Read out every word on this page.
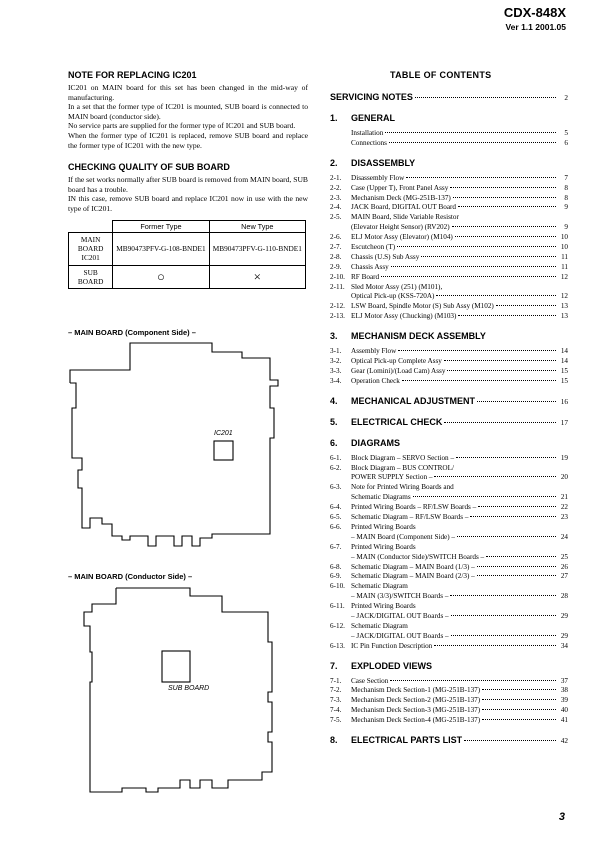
CDX-848X
Ver 1.1 2001.05
NOTE FOR REPLACING IC201

IC201 on MAIN board for this set has been changed in the mid-way of manufacturing.

In a set that the former type of IC201 is mounted, SUB board is connected to MAIN board (conductor side).

No service parts are supplied for the former type of IC201 and SUB board.

When the former type of IC201 is replaced, remove SUB board and replace the former type of IC201 with the new type.

CHECKING QUALITY OF SUB BOARD

If the set works normally after SUB board is removed from MAIN board, SUB board has a trouble.

IN this case, remove SUB board and replace IC201 now in use with the new type of IC201.

	Former Type	New Type
MAIN BOARD IC201	MB90473PFV-G-108-BNDE1	MB90473PFV-G-110-BNDE1
SUB BOARD	○	×
– MAIN BOARD (Component Side) –
IC201
– MAIN BOARD (Conductor Side) –
SUB BOARD
TABLE OF CONTENTS
SERVICING NOTES	2
1.	GENERAL
Installation	5
Connections	6
2.	DISASSEMBLY
2-1.	Disassembly Flow	7
2-2.	Case (Upper T), Front Panel Assy	8
2-3.	Mechanism Deck (MG-251B-137)	8
2-4.	JACK Board, DIGITAL OUT Board	9
2-5.	MAIN Board, Slide Variable Resistor
(Elevator Height Sensor) (RV202)	9
2-6.	ELJ Motor Assy (Elevator) (M104)	10
2-7.	Escutcheon (T)	10
2-8.	Chassis (U.S) Sub Assy	11
2-9.	Chassis Assy	11
2-10. RF Board	12
2-11. Sled Motor Assy (251) (M101),
Optical Pick-up (KSS-720A)	12
2-12. LSW Board, Spindle Motor (S) Sub Assy (M102)	13
2-13. ELJ Motor Assy (Chucking) (M103)	13
3.	MECHANISM DECK ASSEMBLY
3-1.	Assembly Flow	14
3-2.	Optical Pick-up Complete Assy	14
3-3.	Gear (Lomini)/(Load Cam) Assy	15
3-4.	Operation Check	15
4.	MECHANICAL ADJUSTMENT	16
5.	ELECTRICAL CHECK	17
6.	DIAGRAMS
6-1.	Block Diagram – SERVO Section –	19
6-2.	Block Diagram – BUS CONTROL/
POWER SUPPLY Section –	20
6-3.	Note for Printed Wiring Boards and
Schematic Diagrams	21
6-4.	Printed Wiring Boards – RF/LSW Boards –	22
6-5.	Schematic Diagram – RF/LSW Boards –	23
6-6.	Printed Wiring Boards
– MAIN Board (Component Side) –	24
6-7.	Printed Wiring Boards
– MAIN (Conductor Side)/SWITCH Boards –	25
6-8.	Schematic Diagram – MAIN Board (1/3) –	26
6-9.	Schematic Diagram – MAIN Board (2/3) –	27
6-10. Schematic Diagram
– MAIN (3/3)/SWITCH Boards –	28
6-11. Printed Wiring Boards
– JACK/DIGITAL OUT Boards –	29
6-12. Schematic Diagram
– JACK/DIGITAL OUT Boards –	29
6-13. IC Pin Function Description	34
7.	EXPLODED VIEWS
7-1.	Case Section	37
7-2.	Mechanism Deck Section-1 (MG-251B-137)	38
7-3.	Mechanism Deck Section-2 (MG-251B-137)	39
7-4.	Mechanism Deck Section-3 (MG-251B-137)	40
7-5.	Mechanism Deck Section-4 (MG-251B-137)	41
8.	ELECTRICAL PARTS LIST	42
3
